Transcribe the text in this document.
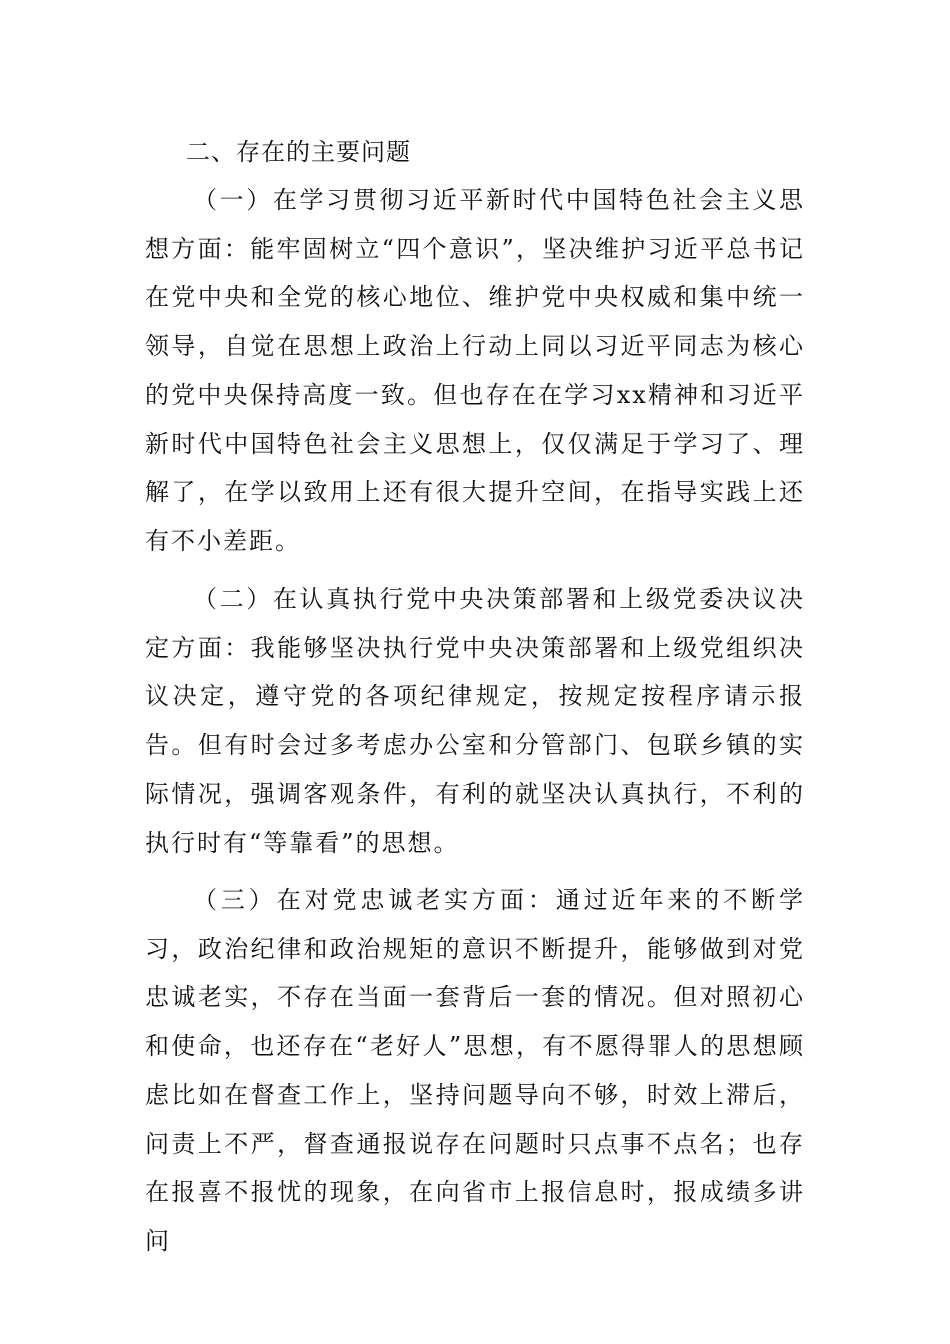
二、存在的主要问题

（一）在学习贯彻习近平新时代中国特色社会主义思想方面：能牢固树立“四个意识”，坚决维护习近平总书记在党中央和全党的核心地位、维护党中央权威和集中统一领导，自觉在思想上政治上行动上同以习近平同志为核心的党中央保持高度一致。但也存在在学习xx精神和习近平新时代中国特色社会主义思想上，仅仅满足于学习了、理解了，在学以致用上还有很大提升空间，在指导实践上还有不小差距。

（二）在认真执行党中央决策部署和上级党委决议决定方面：我能够坚决执行党中央决策部署和上级党组织决议决定，遵守党的各项纪律规定，按规定按程序请示报告。但有时会过多考虑办公室和分管部门、包联乡镇的实际情况，强调客观条件，有利的就坚决认真执行，不利的执行时有“等靠看”的思想。

（三）在对党忠诚老实方面：通过近年来的不断学习，政治纪律和政治规矩的意识不断提升，能够做到对党忠诚老实，不存在当面一套背后一套的情况。但对照初心和使命，也还存在“老好人”思想，有不愿得罪人的思想顾虑比如在督查工作上，坚持问题导向不够，时效上滞后，问责上不严，督查通报说存在问题时只点事不点名；也存在报喜不报忧的现象，在向省市上报信息时，报成绩多讲问
